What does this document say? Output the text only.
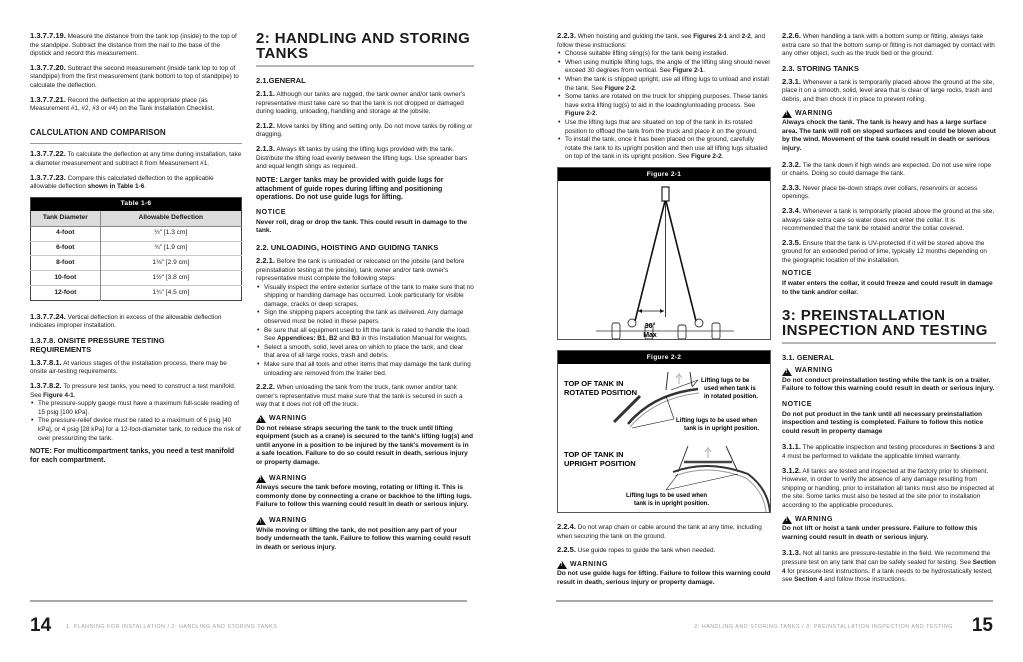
1.3.7.7.19. Measure the distance from the tank top (inside) to the top of the standpipe. Subtract the distance from the nail to the base of the dipstick and record this measurement.

1.3.7.7.20. Subtract the second measurement (inside tank top to top of standpipe) from the first measurement (tank bottom to top of standpipe) to calculate the deflection.

1.3.7.7.21. Record the deflection at the appropriate place (as Measurement #1, #2, #3 or #4) on the Tank Installation Checklist.

CALCULATION AND COMPARISON

1.3.7.7.22. To calculate the deflection at any time during installation, take a diameter measurement and subtract it from Measurement #1.

1.3.7.7.23. Compare this calculated deflection to the applicable allowable deflection shown in Table 1-6.

Table 1-6	
Tank Diameter	Allowable Deflection
4-foot	½" [1.3 cm]
6-foot	¾" [1.9 cm]
8-foot	1⅛" [2.9 cm]
10-foot	1½" [3.8 cm]
12-foot	1¾" [4.5 cm]

1.3.7.7.24. Vertical deflection in excess of the allowable deflection indicates improper installation.

1.3.7.8. ONSITE PRESSURE TESTING REQUIREMENTS

1.3.7.8.1. At various stages of the installation process, there may be onsite air-testing requirements.

1.3.7.8.2. To pressure test tanks, you need to construct a test manifold. See Figure 4-1.

• The pressure-supply gauge must have a maximum full-scale reading of 15 psig [100 kPa].
• The pressure-relief device must be rated to a maximum of 6 psig [40 kPa], or 4 psig [28 kPa] for a 12-foot-diameter tank, to reduce the risk of over pressurizing the tank.
NOTE: For multicompartment tanks, you need a test manifold for each compartment.
2: HANDLING AND STORING TANKS
2.1.GENERAL

2.1.1. Although our tanks are rugged, the tank owner and/or tank owner's representative must take care so that the tank is not dropped or damaged during loading, unloading, handling and storage at the jobsite.

2.1.2. Move tanks by lifting and setting only. Do not move tanks by rolling or dragging.

2.1.3. Always lift tanks by using the lifting lugs provided with the tank. Distribute the lifting load evenly between the lifting lugs. Use spreader bars and equal length slings as required.

NOTE: Larger tanks may be provided with guide lugs for attachment of guide ropes during lifting and positioning operations. Do not use guide lugs for lifting.
NOTICE
Never roll, drag or drop the tank. This could result in damage to the tank.
2.2. UNLOADING, HOISTING AND GUIDING TANKS

2.2.1. Before the tank is unloaded or relocated on the jobsite (and before preinstallation testing at the jobsite), tank owner and/or tank owner's representative must complete the following steps:

• Visually inspect the entire exterior surface of the tank to make sure that no shipping or handling damage has occurred. Look particularly for visible damage, cracks or deep scrapes.
• Sign the shipping papers accepting the tank as delivered. Any damage observed must be noted in these papers.
• Be sure that all equipment used to lift the tank is rated to handle the load. See Appendices: B1, B2 and B3 in this Installation Manual for weights.
• Select a smooth, solid, level area on which to place the tank, and clear that area of all large rocks, trash and debris.
• Make sure that all tools and other items that may damage the tank during unloading are removed from the trailer bed.

2.2.2. When unloading the tank from the truck, tank owner and/or tank owner's representative must make sure that the tank is secured in such a way that it does not roll off the truck.

!
WARNING
Do not release straps securing the tank to the truck until lifting equipment (such as a crane) is secured to the tank's lifting lug(s) and until anyone in a position to be injured by the tank's movement is in a safe location. Failure to do so could result in death, serious injury or property damage.
!
WARNING
Always secure the tank before moving, rotating or lifting it. This is commonly done by connecting a crane or backhoe to the lifting lugs. Failure to follow this warning could result in death or serious injury.
!
WARNING
While moving or lifting the tank, do not position any part of your body underneath the tank. Failure to follow this warning could result in death or serious injury.

2.2.3. When hoisting and guiding the tank, see Figures 2-1 and 2-2, and follow these instructions:

• Choose suitable lifting sling(s) for the tank being installed.
• When using multiple lifting lugs, the angle of the lifting sling should never exceed 30 degrees from vertical. See Figure 2-1.
• When the tank is shipped upright, use all lifting lugs to unload and install the tank. See Figure 2-2.
• Some tanks are rotated on the truck for shipping purposes. These tanks have extra lifting lug(s) to aid in the loading/unloading process. See Figure 2-2.
• Use the lifting lugs that are situated on top of the tank in its rotated position to offload the tank from the truck and place it on the ground.
• To install the tank, once it has been placed on the ground, carefully rotate the tank to its upright position and then use all lifting lugs situated on top of the tank in its upright position. See Figure 2-2.
Figure 2-1
30°
Max
Figure 2-2
TOP OF TANK IN
ROTATED POSITION
TOP OF TANK IN
UPRIGHT POSITION
Lifting lugs to be
used when tank is
in rotated position.
Lifting lugs to be used when
tank is in upright position.
Lifting lugs to be used when
tank is in upright position.

2.2.4. Do not wrap chain or cable around the tank at any time, including when securing the tank on the ground.

2.2.5. Use guide ropes to guide the tank when needed.

!
WARNING
Do not use guide lugs for lifting. Failure to follow this warning could result in death, serious injury or property damage.

2.2.6. When handling a tank with a bottom sump or fitting, always take extra care so that the bottom sump or fitting is not damaged by contact with any other object, such as the truck bed or the ground.

2.3. STORING TANKS

2.3.1. Whenever a tank is temporarily placed above the ground at the site, place it on a smooth, solid, level area that is clear of large rocks, trash and debris, and then chock it in place to prevent rolling.

!
WARNING
Always chock the tank. The tank is heavy and has a large surface area. The tank will roll on sloped surfaces and could be blown about by the wind. Movement of the tank could result in death or serious injury.

2.3.2. Tie the tank down if high winds are expected. Do not use wire rope or chains. Doing so could damage the tank.

2.3.3. Never place tie-down straps over collars, reservoirs or access openings.

2.3.4. Whenever a tank is temporarily placed above the ground at the site, always take extra care so water does not enter the collar. It is recommended that the tank be rotated and/or the collar covered.

2.3.5. Ensure that the tank is UV-protected if it will be stored above the ground for an extended period of time, typically 12 months depending on the geographic location of the installation.

NOTICE
If water enters the collar, it could freeze and could result in damage to the tank and/or collar.
3: PREINSTALLATION INSPECTION AND TESTING
3.1. GENERAL
!
WARNING
Do not conduct preinstallation testing while the tank is on a trailer. Failure to follow this warning could result in death or serious injury.
NOTICE
Do not put product in the tank until all necessary preinstallation inspection and testing is completed. Failure to follow this notice could result in property damage

3.1.1. The applicable inspection and testing procedures in Sections 3 and 4 must be performed to validate the applicable limited warranty.

3.1.2. All tanks are tested and inspected at the factory prior to shipment. However, in order to verify the absence of any damage resulting from shipping or handling, prior to installation all tanks must also be inspected at the site. Some tanks must also be tested at the site prior to installation according to the applicable procedures.

!
WARNING
Do not lift or hoist a tank under pressure. Failure to follow this warning could result in death or serious injury.

3.1.3. Not all tanks are pressure-testable in the field. We recommend the pressure test on any tank that can be safely sealed for testing. See Section 4 for pressure-test instructions. If a tank needs to be hydrostatically tested, see Section 4 and follow those instructions.

14	1: PLANNING FOR INSTALLATION / 2: HANDLING AND STORING TANKS	2: HANDLING AND STORING TANKS / 3: PREINSTALLATION INSPECTION AND TESTING 15
